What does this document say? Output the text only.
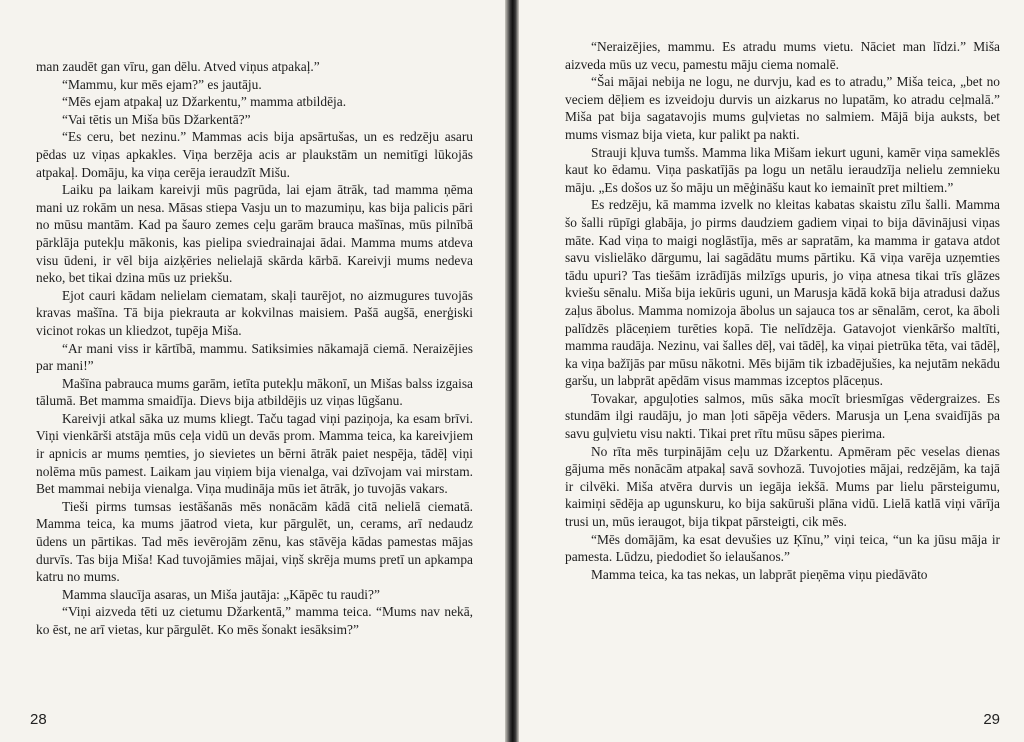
man zaudēt gan vīru, gan dēlu. Atved viņus atpakaļ.”

“Mammu, kur mēs ejam?” es jautāju.

“Mēs ejam atpakaļ uz Džarkentu,” mamma atbildēja.

“Vai tētis un Miša būs Džarkentā?”

“Es ceru, bet nezinu.” Mammas acis bija apsārtušas, un es redzēju asaru pēdas uz viņas apkakles. Viņa berzēja acis ar plaukstām un nemitīgi lūkojās atpakaļ. Domāju, ka viņa cerēja ieraudzīt Mišu.

Laiku pa laikam kareivji mūs pagrūda, lai ejam ātrāk, tad mamma ņēma mani uz rokām un nesa. Māsas stiepa Vasju un to mazumiņu, kas bija palicis pāri no mūsu mantām. Kad pa šauro zemes ceļu garām brauca mašīnas, mūs pilnībā pārklāja putekļu mākonis, kas pielipa sviedrainajai ādai. Mamma mums atdeva visu ūdeni, ir vēl bija aizķēries nelielajā skārda kārbā. Kareivji mums nedeva neko, bet tikai dzina mūs uz priekšu.

Ejot cauri kādam nelielam ciematam, skaļi taurējot, no aizmugures tuvojās kravas mašīna. Tā bija piekrauta ar kokvilnas maisiem. Pašā augšā, enerģiski vicinot rokas un kliedzot, tupēja Miša.

“Ar mani viss ir kārtībā, mammu. Satiksimies nākamajā ciemā. Neraizējies par mani!”

Mašīna pabrauca mums garām, ietīta putekļu mākonī, un Mišas balss izgaisa tālumā. Bet mamma smaidīja. Dievs bija atbildējis uz viņas lūgšanu.

Kareivji atkal sāka uz mums kliegt. Taču tagad viņi paziņoja, ka esam brīvi. Viņi vienkārši atstāja mūs ceļa vidū un devās prom. Mamma teica, ka kareivjiem ir apnicis ar mums ņemties, jo sievietes un bērni ātrāk paiet nespēja, tādēļ viņi nolēma mūs pamest. Laikam jau viņiem bija vienalga, vai dzīvojam vai mirstam. Bet mammai nebija vienalga. Viņa mudināja mūs iet ātrāk, jo tuvojās vakars.

Tieši pirms tumsas iestāšanās mēs nonācām kādā citā nelielā ciematā. Mamma teica, ka mums jāatrod vieta, kur pārgulēt, un, cerams, arī nedaudz ūdens un pārtikas. Tad mēs ievērojām zēnu, kas stāvēja kādas pamestas mājas durvīs. Tas bija Miša! Kad tuvojāmies mājai, viņš skrēja mums pretī un apkampa katru no mums.

Mamma slaucīja asaras, un Miša jautāja: „Kāpēc tu raudi?”

“Viņi aizveda tēti uz cietumu Džarkentā,” mamma teica. “Mums nav nekā, ko ēst, ne arī vietas, kur pārgulēt. Ko mēs šonakt iesāksim?”

28

“Neraizējies, mammu. Es atradu mums vietu. Nāciet man līdzi.” Miša aizveda mūs uz vecu, pamestu māju ciema nomalē.

“Šai mājai nebija ne logu, ne durvju, kad es to atradu,” Miša teica, „bet no veciem dēļiem es izveidoju durvis un aizkarus no lupatām, ko atradu ceļmalā.” Miša pat bija sagatavojis mums guļvietas no salmiem. Mājā bija auksts, bet mums vismaz bija vieta, kur palikt pa nakti.

Strauji kļuva tumšs. Mamma lika Mišam iekurt uguni, kamēr viņa sameklēs kaut ko ēdamu. Viņa paskatījās pa logu un netālu ieraudzīja nelielu zemnieku māju. „Es došos uz šo māju un mēģināšu kaut ko iemainīt pret miltiem.”

Es redzēju, kā mamma izvelk no kleitas kabatas skaistu zīlu šalli. Mamma šo šalli rūpīgi glabāja, jo pirms daudziem gadiem viņai to bija dāvinājusi viņas māte. Kad viņa to maigi noglāstīja, mēs ar sapratām, ka mamma ir gatava atdot savu vislielāko dārgumu, lai sagādātu mums pārtiku. Kā viņa varēja uzņemties tādu upuri? Tas tiešām izrādījās milzīgs upuris, jo viņa atnesa tikai trīs glāzes kviešu sēnalu. Miša bija iekūris uguni, un Marusja kādā kokā bija atradusi dažus zaļus ābolus. Mamma nomizoja ābolus un sajauca tos ar sēnalām, cerot, ka āboli palīdzēs plāceņiem turēties kopā. Tie nelīdzēja. Gatavojot vienkāršo maltīti, mamma raudāja. Nezinu, vai šalles dēļ, vai tādēļ, ka viņai pietrūka tēta, vai tādēļ, ka viņa bažījās par mūsu nākotni. Mēs bijām tik izbadējušies, ka nejutām nekādu garšu, un labprāt apēdām visus mammas izceptos plāceņus.

Tovakar, apguļoties salmos, mūs sāka mocīt briesmīgas vēdergraizes. Es stundām ilgi raudāju, jo man ļoti sāpēja vēders. Marusja un Ļena svaidījās pa savu guļvietu visu nakti. Tikai pret rītu mūsu sāpes pierima.

No rīta mēs turpinājām ceļu uz Džarkentu. Apmēram pēc veselas dienas gājuma mēs nonācām atpakaļ savā sovhozā. Tuvojoties mājai, redzējām, ka tajā ir cilvēki. Miša atvēra durvis un iegāja iekšā. Mums par lielu pārsteigumu, kaimiņi sēdēja ap ugunskuru, ko bija sakūruši plāna vidū. Lielā katlā viņi vārīja trusi un, mūs ieraugot, bija tikpat pārsteigti, cik mēs.

“Mēs domājām, ka esat devušies uz Ķīnu,” viņi teica, “un ka jūsu māja ir pamesta. Lūdzu, piedodiet šo ielaušanos.”

Mamma teica, ka tas nekas, un labprāt pieņēma viņu piedāvāto

29
